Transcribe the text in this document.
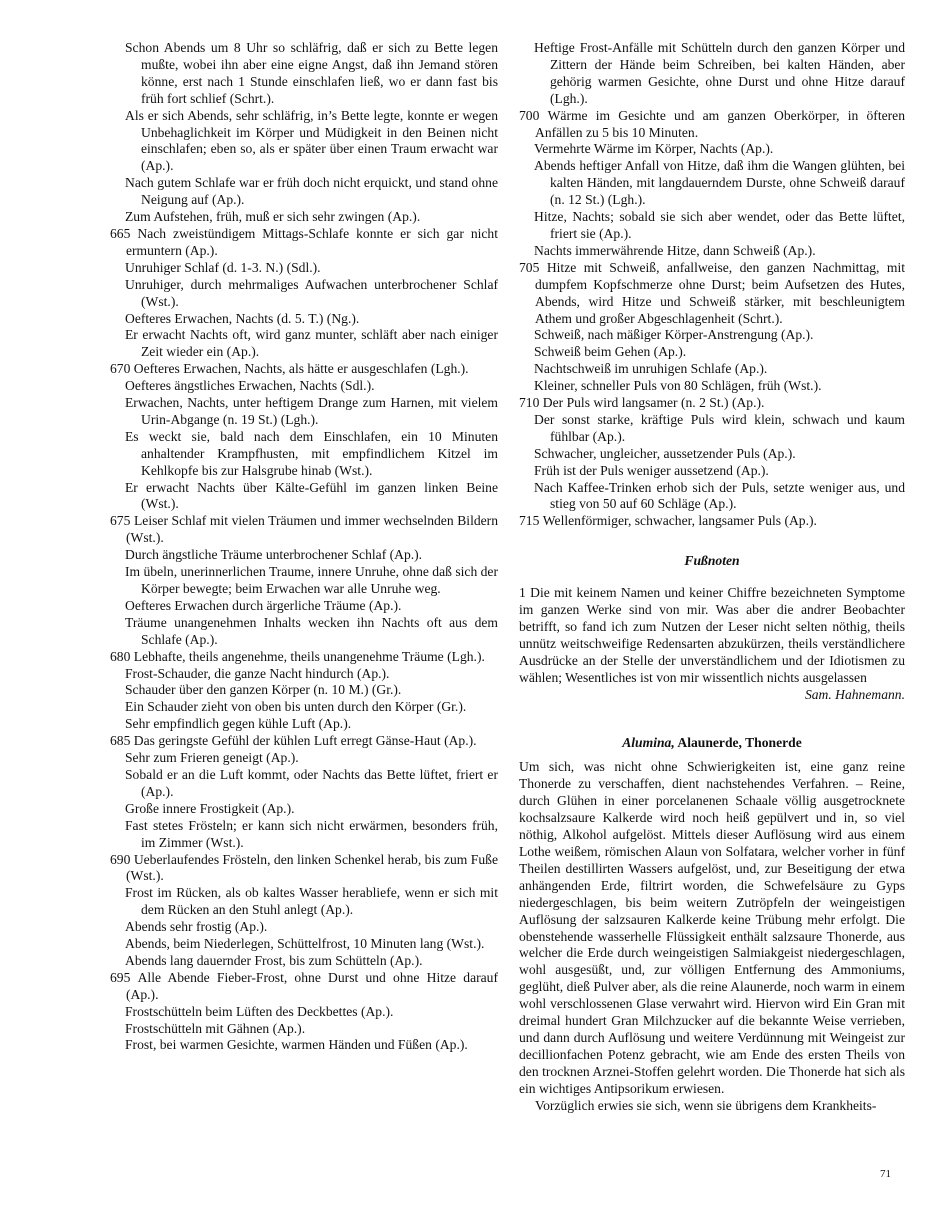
Schon Abends um 8 Uhr so schläfrig, daß er sich zu Bette legen mußte, wobei ihn aber eine eigne Angst, daß ihn Jemand stören könne, erst nach 1 Stunde einschlafen ließ, wo er dann fast bis früh fort schlief (Schrt.).
Als er sich Abends, sehr schläfrig, in’s Bette legte, konnte er wegen Unbehaglichkeit im Körper und Müdigkeit in den Beinen nicht einschlafen; eben so, als er später über einen Traum erwacht war (Ap.).
Nach gutem Schlafe war er früh doch nicht erquickt, und stand ohne Neigung auf (Ap.).
Zum Aufstehen, früh, muß er sich sehr zwingen (Ap.).
665 Nach zweistündigem Mittags-Schlafe konnte er sich gar nicht ermuntern (Ap.).
Unruhiger Schlaf (d. 1-3. N.) (Sdl.).
Unruhiger, durch mehrmaliges Aufwachen unterbrochener Schlaf (Wst.).
Oefteres Erwachen, Nachts (d. 5. T.) (Ng.).
Er erwacht Nachts oft, wird ganz munter, schläft aber nach einiger Zeit wieder ein (Ap.).
670 Oefteres Erwachen, Nachts, als hätte er ausgeschlafen (Lgh.).
Oefteres ängstliches Erwachen, Nachts (Sdl.).
Erwachen, Nachts, unter heftigem Drange zum Harnen, mit vielem Urin-Abgange (n. 19 St.) (Lgh.).
Es weckt sie, bald nach dem Einschlafen, ein 10 Minuten anhaltender Krampfhusten, mit empfindlichem Kitzel im Kehlkopfe bis zur Halsgrube hinab (Wst.).
Er erwacht Nachts über Kälte-Gefühl im ganzen linken Beine (Wst.).
675 Leiser Schlaf mit vielen Träumen und immer wechselnden Bildern (Wst.).
Durch ängstliche Träume unterbrochener Schlaf (Ap.).
Im übeln, unerinnerlichen Traume, innere Unruhe, ohne daß sich der Körper bewegte; beim Erwachen war alle Unruhe weg.
Oefteres Erwachen durch ärgerliche Träume (Ap.).
Träume unangenehmen Inhalts wecken ihn Nachts oft aus dem Schlafe (Ap.).
680 Lebhafte, theils angenehme, theils unangenehme Träume (Lgh.).
Frost-Schauder, die ganze Nacht hindurch (Ap.).
Schauder über den ganzen Körper (n. 10 M.) (Gr.).
Ein Schauder zieht von oben bis unten durch den Körper (Gr.).
Sehr empfindlich gegen kühle Luft (Ap.).
685 Das geringste Gefühl der kühlen Luft erregt Gänse-Haut (Ap.).
Sehr zum Frieren geneigt (Ap.).
Sobald er an die Luft kommt, oder Nachts das Bette lüftet, friert er (Ap.).
Große innere Frostigkeit (Ap.).
Fast stetes Frösteln; er kann sich nicht erwärmen, besonders früh, im Zimmer (Wst.).
690 Ueberlaufendes Frösteln, den linken Schenkel herab, bis zum Fuße (Wst.).
Frost im Rücken, als ob kaltes Wasser herabliefe, wenn er sich mit dem Rücken an den Stuhl anlegt (Ap.).
Abends sehr frostig (Ap.).
Abends, beim Niederlegen, Schüttelfrost, 10 Minuten lang (Wst.).
Abends lang dauernder Frost, bis zum Schütteln (Ap.).
695 Alle Abende Fieber-Frost, ohne Durst und ohne Hitze darauf (Ap.).
Frostschütteln beim Lüften des Deckbettes (Ap.).
Frostschütteln mit Gähnen (Ap.).
Frost, bei warmen Gesichte, warmen Händen und Füßen (Ap.).
Heftige Frost-Anfälle mit Schütteln durch den ganzen Körper und Zittern der Hände beim Schreiben, bei kalten Händen, aber gehörig warmen Gesichte, ohne Durst und ohne Hitze darauf (Lgh.).
700 Wärme im Gesichte und am ganzen Oberkörper, in öfteren Anfällen zu 5 bis 10 Minuten.
Vermehrte Wärme im Körper, Nachts (Ap.).
Abends heftiger Anfall von Hitze, daß ihm die Wangen glühten, bei kalten Händen, mit langdauerndem Durste, ohne Schweiß darauf (n. 12 St.) (Lgh.).
Hitze, Nachts; sobald sie sich aber wendet, oder das Bette lüftet, friert sie (Ap.).
Nachts immerwährende Hitze, dann Schweiß (Ap.).
705 Hitze mit Schweiß, anfallweise, den ganzen Nachmittag, mit dumpfem Kopfschmerze ohne Durst; beim Aufsetzen des Hutes, Abends, wird Hitze und Schweiß stärker, mit beschleunigtem Athem und großer Abgeschlagenheit (Schrt.).
Schweiß, nach mäßiger Körper-Anstrengung (Ap.).
Schweiß beim Gehen (Ap.).
Nachtschweiß im unruhigen Schlafe (Ap.).
Kleiner, schneller Puls von 80 Schlägen, früh (Wst.).
710 Der Puls wird langsamer (n. 2 St.) (Ap.).
Der sonst starke, kräftige Puls wird klein, schwach und kaum fühlbar (Ap.).
Schwacher, ungleicher, aussetzender Puls (Ap.).
Früh ist der Puls weniger aussetzend (Ap.).
Nach Kaffee-Trinken erhob sich der Puls, setzte weniger aus, und stieg von 50 auf 60 Schläge (Ap.).
715 Wellenförmiger, schwacher, langsamer Puls (Ap.).

Fußnoten

1 Die mit keinem Namen und keiner Chiffre bezeichneten Symptome im ganzen Werke sind von mir. Was aber die andrer Beobachter betrifft, so fand ich zum Nutzen der Leser nicht selten nöthig, theils unnütz weitschweifige Redensarten abzukürzen, theils verständlichere Ausdrücke an der Stelle der unverständlichem und der Idiotismen zu wählen; Wesentliches ist von mir wissentlich nichts ausgelassen

Sam. Hahnemann.

Alumina, Alaunerde, Thonerde

Um sich, was nicht ohne Schwierigkeiten ist, eine ganz reine Thonerde zu verschaffen, dient nachstehendes Verfahren. – Reine, durch Glühen in einer porcelanenen Schaale völlig ausgetrocknete kochsalzsaure Kalkerde wird noch heiß gepülvert und in, so viel nöthig, Alkohol aufgelöst. Mittels dieser Auflösung wird aus einem Lothe weißem, römischen Alaun von Solfatara, welcher vorher in fünf Theilen destillirten Wassers aufgelöst, und, zur Beseitigung der etwa anhängenden Erde, filtrirt worden, die Schwefelsäure zu Gyps niedergeschlagen, bis beim weitern Zutröpfeln der weingeistigen Auflösung der salzsauren Kalkerde keine Trübung mehr erfolgt. Die obenstehende wasserhelle Flüssigkeit enthält salzsaure Thonerde, aus welcher die Erde durch weingeistigen Salmiakgeist niedergeschlagen, wohl ausgesüßt, und, zur völligen Entfernung des Ammoniums, geglüht, dieß Pulver aber, als die reine Alaunerde, noch warm in einem wohl verschlossenen Glase verwahrt wird. Hiervon wird Ein Gran mit dreimal hundert Gran Milchzucker auf die bekannte Weise verrieben, und dann durch Auflösung und weitere Verdünnung mit Weingeist zur decillionfachen Potenz gebracht, wie am Ende des ersten Theils von den trocknen Arznei-Stoffen gelehrt worden. Die Thonerde hat sich als ein wichtiges Antipsorikum erwiesen.

Vorzüglich erwies sie sich, wenn sie übrigens dem Krankheits-

71
